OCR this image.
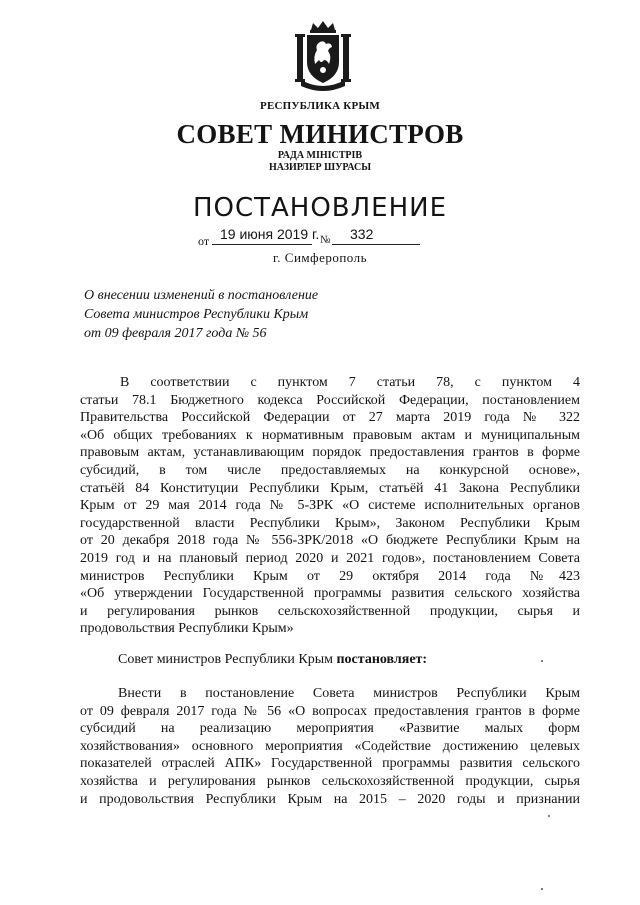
РЕСПУБЛИКА КРЫМ
СОВЕТ МИНИСТРОВ
РАДА МІНІСТРІВ
НАЗИРЛЕР ШУРАСЫ
ПОСТАНОВЛЕНИЕ
от 19 июня 2019 г. № 332
г. Симферополь
О внесении изменений в постановление
Совета министров Республики Крым
от 09 февраля 2017 года № 56
В соответствии с пунктом 7 статьи 78, с пунктом 4
статьи 78.1 Бюджетного кодекса Российской Федерации, постановлением
Правительства Российской Федерации от 27 марта 2019 года № 322
«Об общих требованиях к нормативным правовым актам и муниципальным
правовым актам, устанавливающим порядок предоставления грантов в форме
субсидий, в том числе предоставляемых на конкурсной основе»,
статьёй 84 Конституции Республики Крым, статьёй 41 Закона Республики
Крым от 29 мая 2014 года № 5-ЗРК «О системе исполнительных органов
государственной власти Республики Крым», Законом Республики Крым
от 20 декабря 2018 года № 556-ЗРК/2018 «О бюджете Республики Крым на
2019 год и на плановый период 2020 и 2021 годов», постановлением Совета
министров Республики Крым от 29 октября 2014 года №423
«Об утверждении Государственной программы развития сельского хозяйства
и регулирования рынков сельскохозяйственной продукции, сырья и
продовольствия Республики Крым»
Совет министров Республики Крым постановляет:
Внести в постановление Совета министров Республики Крым
от 09 февраля 2017 года № 56 «О вопросах предоставления грантов в форме
субсидий на реализацию мероприятия «Развитие малых форм
хозяйствования» основного мероприятия «Содействие достижению целевых
показателей отраслей АПК» Государственной программы развития сельского
хозяйства и регулирования рынков сельскохозяйственной продукции, сырья
и продовольствия Республики Крым на 2015 – 2020 годы и признании
